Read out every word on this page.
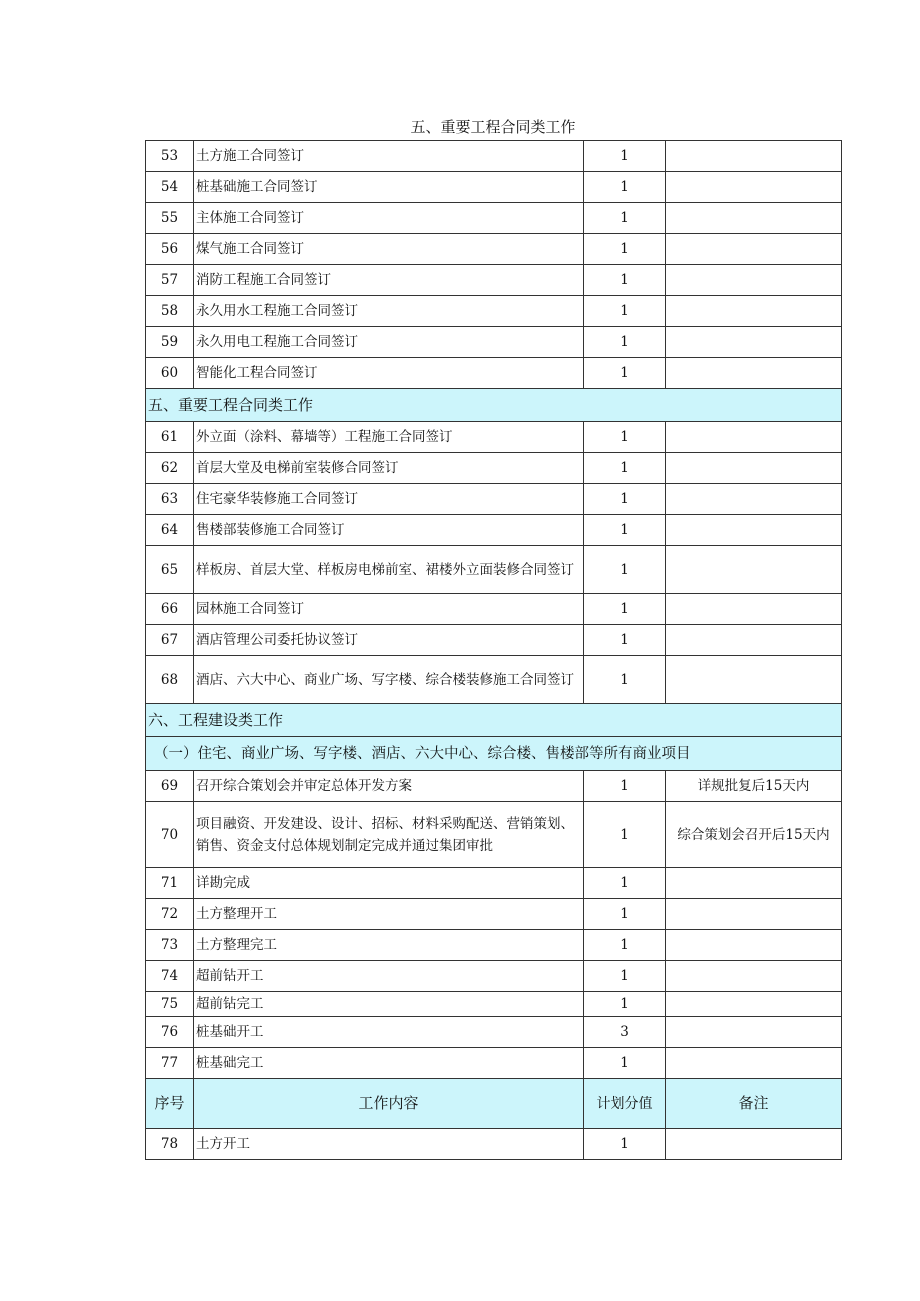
五、重要工程合同类工作
53	土方施工合同签订	1	
54	桩基础施工合同签订	1	
55	主体施工合同签订	1	
56	煤气施工合同签订	1	
57	消防工程施工合同签订	1	
58	永久用水工程施工合同签订	1	
59	永久用电工程施工合同签订	1	
60	智能化工程合同签订	1	
五、重要工程合同类工作			
61	外立面（涂料、幕墙等）工程施工合同签订	1	
62	首层大堂及电梯前室装修合同签订	1	
63	住宅豪华装修施工合同签订	1	
64	售楼部装修施工合同签订	1	
65	样板房、首层大堂、样板房电梯前室、裙楼外立面装修合同签订	1	
66	园林施工合同签订	1	
67	酒店管理公司委托协议签订	1	
68	酒店、六大中心、商业广场、写字楼、综合楼装修施工合同签订	1	
六、工程建设类工作			
（一）住宅、商业广场、写字楼、酒店、六大中心、综合楼、售楼部等所有商业项目			
69	召开综合策划会并审定总体开发方案	1	详规批复后15天内
70	项目融资、开发建设、设计、招标、材料采购配送、营销策划、销售、资金支付总体规划制定完成并通过集团审批	1	综合策划会召开后15天内
71	详勘完成	1	
72	土方整理开工	1	
73	土方整理完工	1	
74	超前钻开工	1	
75	超前钻完工	1	
76	桩基础开工	3	
77	桩基础完工	1	
序号	工作内容	计划分值	备注
78	土方开工	1	
